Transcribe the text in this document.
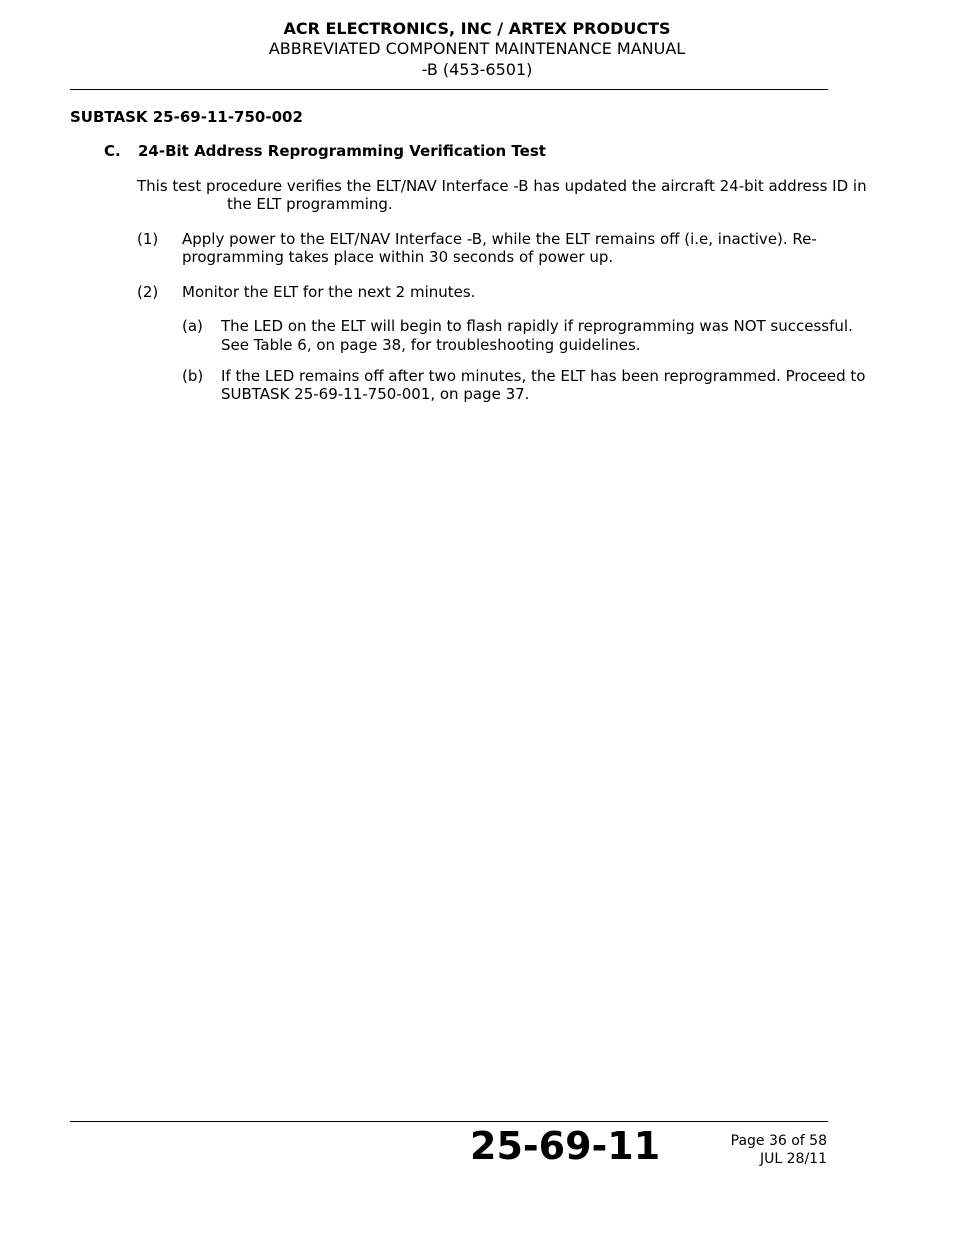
ACR ELECTRONICS, INC / ARTEX PRODUCTS
ABBREVIATED COMPONENT MAINTENANCE MANUAL
-B (453-6501)
SUBTASK 25-69-11-750-002
C. 24-Bit Address Reprogramming Verification Test
This test procedure verifies the ELT/NAV Interface -B has updated the aircraft 24-bit address ID in
the ELT programming.
(1) Apply power to the ELT/NAV Interface -B, while the ELT remains off (i.e, inactive). Re-
programming takes place within 30 seconds of power up.
(2) Monitor the ELT for the next 2 minutes.
(a) The LED on the ELT will begin to flash rapidly if reprogramming was NOT successful.
See Table 6, on page 38, for troubleshooting guidelines.
(b) If the LED remains off after two minutes, the ELT has been reprogrammed. Proceed to
SUBTASK 25-69-11-750-001, on page 37.
25-69-11	Page 36 of 58
JUL 28/11
